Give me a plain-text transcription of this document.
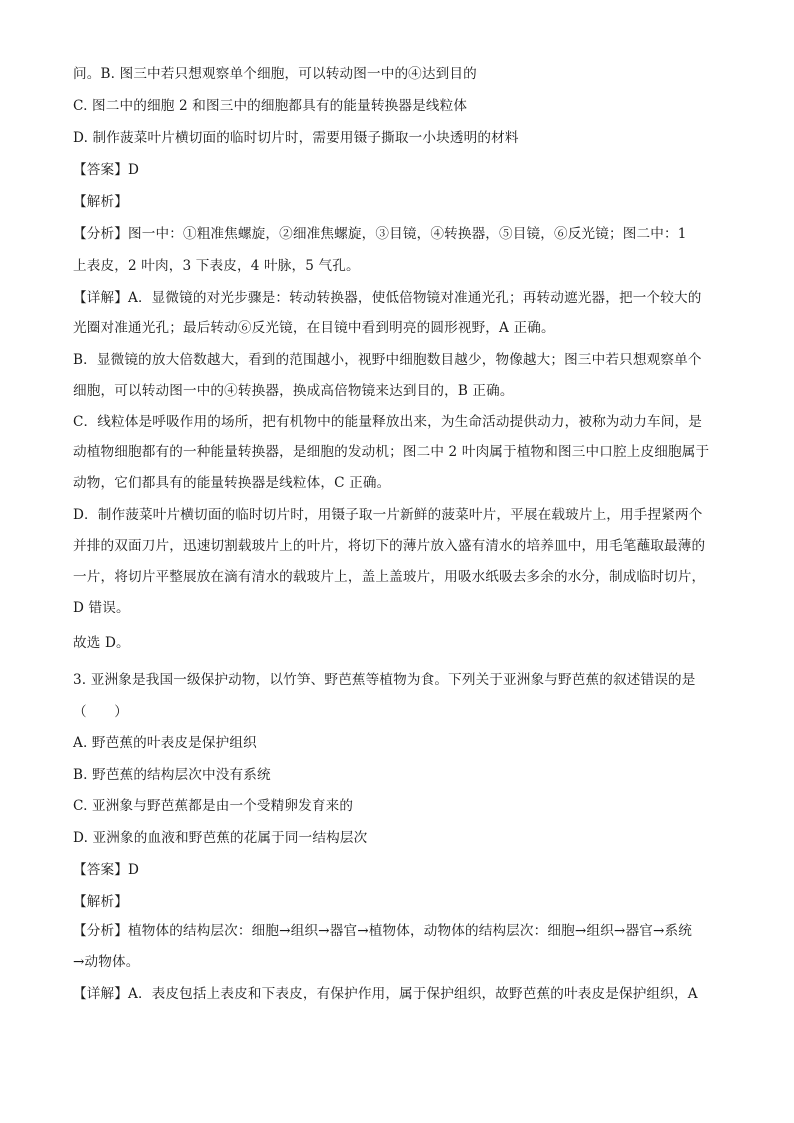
问。B. 图三中若只想观察单个细胞，可以转动图一中的④达到目的
C. 图二中的细胞 2 和图三中的细胞都具有的能量转换器是线粒体
D. 制作菠菜叶片横切面的临时切片时，需要用镊子撕取一小块透明的材料
【答案】D
【解析】
【分析】图一中：①粗准焦螺旋，②细准焦螺旋，③目镜，④转换器，⑤目镜，⑥反光镜；图二中：1
上表皮，2 叶肉，3 下表皮，4 叶脉，5 气孔。
【详解】A．显微镜的对光步骤是：转动转换器，使低倍物镜对准通光孔；再转动遮光器，把一个较大的
光圈对准通光孔；最后转动⑥反光镜，在目镜中看到明亮的圆形视野，A 正确。
B．显微镜的放大倍数越大，看到的范围越小，视野中细胞数目越少，物像越大；图三中若只想观察单个
细胞，可以转动图一中的④转换器，换成高倍物镜来达到目的，B 正确。
C．线粒体是呼吸作用的场所，把有机物中的能量释放出来，为生命活动提供动力，被称为动力车间，是
动植物细胞都有的一种能量转换器，是细胞的发动机；图二中 2 叶肉属于植物和图三中口腔上皮细胞属于
动物，它们都具有的能量转换器是线粒体，C 正确。
D．制作菠菜叶片横切面的临时切片时，用镊子取一片新鲜的菠菜叶片，平展在载玻片上，用手捏紧两个
并排的双面刀片，迅速切割载玻片上的叶片，将切下的薄片放入盛有清水的培养皿中，用毛笔蘸取最薄的
一片，将切片平整展放在滴有清水的载玻片上，盖上盖玻片，用吸水纸吸去多余的水分，制成临时切片，
D 错误。
故选 D。
3. 亚洲象是我国一级保护动物，以竹笋、野芭蕉等植物为食。下列关于亚洲象与野芭蕉的叙述错误的是
（　　）
A. 野芭蕉的叶表皮是保护组织
B. 野芭蕉的结构层次中没有系统
C. 亚洲象与野芭蕉都是由一个受精卵发育来的
D. 亚洲象的血液和野芭蕉的花属于同一结构层次
【答案】D
【解析】
【分析】植物体的结构层次：细胞→组织→器官→植物体，动物体的结构层次：细胞→组织→器官→系统
→动物体。
【详解】A．表皮包括上表皮和下表皮，有保护作用，属于保护组织，故野芭蕉的叶表皮是保护组织，A
